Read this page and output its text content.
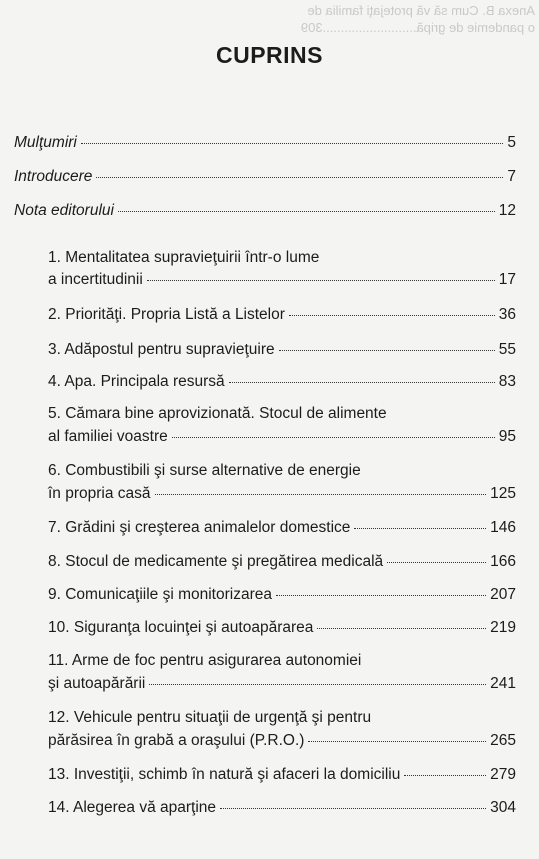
Anexa B. Cum să vă protejaţi familia de
o pandemie de gripă..........................309
CUPRINS
Mulţumiri	5
Introducere	7
Nota editorului	12
1. Mentalitatea supravieţuirii într-o lume
a incertitudinii	17
2. Priorităţi. Propria Listă a Listelor	36
3. Adăpostul pentru supravieţuire	55
4. Apa. Principala resursă	83
5. Cămara bine aprovizionată. Stocul de alimente
al familiei voastre	95
6. Combustibili şi surse alternative de energie
în propria casă	125
7. Grădini şi creşterea animalelor domestice	146
8. Stocul de medicamente şi pregătirea medicală	166
9. Comunicaţiile şi monitorizarea	207
10. Siguranţa locuinţei şi autoapărarea	219
11. Arme de foc pentru asigurarea autonomiei
şi autoapărării	241
12. Vehicule pentru situaţii de urgenţă şi pentru
părăsirea în grabă a oraşului (P.R.O.)	265
13. Investiţii, schimb în natură şi afaceri la domiciliu	279
14. Alegerea vă aparţine	304
